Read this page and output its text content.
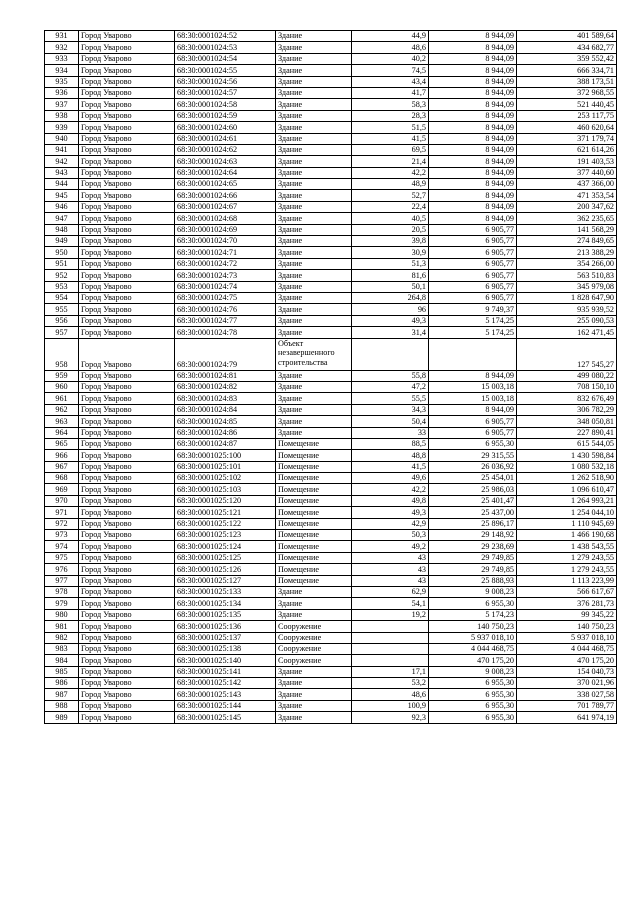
931	Город Уварово	68:30:0001024:52	Здание	44,9	8 944,09	401 589,64
932	Город Уварово	68:30:0001024:53	Здание	48,6	8 944,09	434 682,77
933	Город Уварово	68:30:0001024:54	Здание	40,2	8 944,09	359 552,42
934	Город Уварово	68:30:0001024:55	Здание	74,5	8 944,09	666 334,71
935	Город Уварово	68:30:0001024:56	Здание	43,4	8 944,09	388 173,51
936	Город Уварово	68:30:0001024:57	Здание	41,7	8 944,09	372 968,55
937	Город Уварово	68:30:0001024:58	Здание	58,3	8 944,09	521 440,45
938	Город Уварово	68:30:0001024:59	Здание	28,3	8 944,09	253 117,75
939	Город Уварово	68:30:0001024:60	Здание	51,5	8 944,09	460 620,64
940	Город Уварово	68:30:0001024:61	Здание	41,5	8 944,09	371 179,74
941	Город Уварово	68:30:0001024:62	Здание	69,5	8 944,09	621 614,26
942	Город Уварово	68:30:0001024:63	Здание	21,4	8 944,09	191 403,53
943	Город Уварово	68:30:0001024:64	Здание	42,2	8 944,09	377 440,60
944	Город Уварово	68:30:0001024:65	Здание	48,9	8 944,09	437 366,00
945	Город Уварово	68:30:0001024:66	Здание	52,7	8 944,09	471 353,54
946	Город Уварово	68:30:0001024:67	Здание	22,4	8 944,09	200 347,62
947	Город Уварово	68:30:0001024:68	Здание	40,5	8 944,09	362 235,65
948	Город Уварово	68:30:0001024:69	Здание	20,5	6 905,77	141 568,29
949	Город Уварово	68:30:0001024:70	Здание	39,8	6 905,77	274 849,65
950	Город Уварово	68:30:0001024:71	Здание	30,9	6 905,77	213 388,29
951	Город Уварово	68:30:0001024:72	Здание	51,3	6 905,77	354 266,00
952	Город Уварово	68:30:0001024:73	Здание	81,6	6 905,77	563 510,83
953	Город Уварово	68:30:0001024:74	Здание	50,1	6 905,77	345 979,08
954	Город Уварово	68:30:0001024:75	Здание	264,8	6 905,77	1 828 647,90
955	Город Уварово	68:30:0001024:76	Здание	96	9 749,37	935 939,52
956	Город Уварово	68:30:0001024:77	Здание	49,3	5 174,25	255 090,53
957	Город Уварово	68:30:0001024:78	Здание	31,4	5 174,25	162 471,45
958	Город Уварово	68:30:0001024:79	Объект незавершенного строительства			127 545,27
959	Город Уварово	68:30:0001024:81	Здание	55,8	8 944,09	499 080,22
960	Город Уварово	68:30:0001024:82	Здание	47,2	15 003,18	708 150,10
961	Город Уварово	68:30:0001024:83	Здание	55,5	15 003,18	832 676,49
962	Город Уварово	68:30:0001024:84	Здание	34,3	8 944,09	306 782,29
963	Город Уварово	68:30:0001024:85	Здание	50,4	6 905,77	348 050,81
964	Город Уварово	68:30:0001024:86	Здание	33	6 905,77	227 890,41
965	Город Уварово	68:30:0001024:87	Помещение	88,5	6 955,30	615 544,05
966	Город Уварово	68:30:0001025:100	Помещение	48,8	29 315,55	1 430 598,84
967	Город Уварово	68:30:0001025:101	Помещение	41,5	26 036,92	1 080 532,18
968	Город Уварово	68:30:0001025:102	Помещение	49,6	25 454,01	1 262 518,90
969	Город Уварово	68:30:0001025:103	Помещение	42,2	25 986,03	1 096 610,47
970	Город Уварово	68:30:0001025:120	Помещение	49,8	25 401,47	1 264 993,21
971	Город Уварово	68:30:0001025:121	Помещение	49,3	25 437,00	1 254 044,10
972	Город Уварово	68:30:0001025:122	Помещение	42,9	25 896,17	1 110 945,69
973	Город Уварово	68:30:0001025:123	Помещение	50,3	29 148,92	1 466 190,68
974	Город Уварово	68:30:0001025:124	Помещение	49,2	29 238,69	1 438 543,55
975	Город Уварово	68:30:0001025:125	Помещение	43	29 749,85	1 279 243,55
976	Город Уварово	68:30:0001025:126	Помещение	43	29 749,85	1 279 243,55
977	Город Уварово	68:30:0001025:127	Помещение	43	25 888,93	1 113 223,99
978	Город Уварово	68:30:0001025:133	Здание	62,9	9 008,23	566 617,67
979	Город Уварово	68:30:0001025:134	Здание	54,1	6 955,30	376 281,73
980	Город Уварово	68:30:0001025:135	Здание	19,2	5 174,23	99 345,22
981	Город Уварово	68:30:0001025:136	Сооружение		140 750,23	140 750,23
982	Город Уварово	68:30:0001025:137	Сооружение		5 937 018,10	5 937 018,10
983	Город Уварово	68:30:0001025:138	Сооружение		4 044 468,75	4 044 468,75
984	Город Уварово	68:30:0001025:140	Сооружение		470 175,20	470 175,20
985	Город Уварово	68:30:0001025:141	Здание	17,1	9 008,23	154 040,73
986	Город Уварово	68:30:0001025:142	Здание	53,2	6 955,30	370 021,96
987	Город Уварово	68:30:0001025:143	Здание	48,6	6 955,30	338 027,58
988	Город Уварово	68:30:0001025:144	Здание	100,9	6 955,30	701 789,77
989	Город Уварово	68:30:0001025:145	Здание	92,3	6 955,30	641 974,19
